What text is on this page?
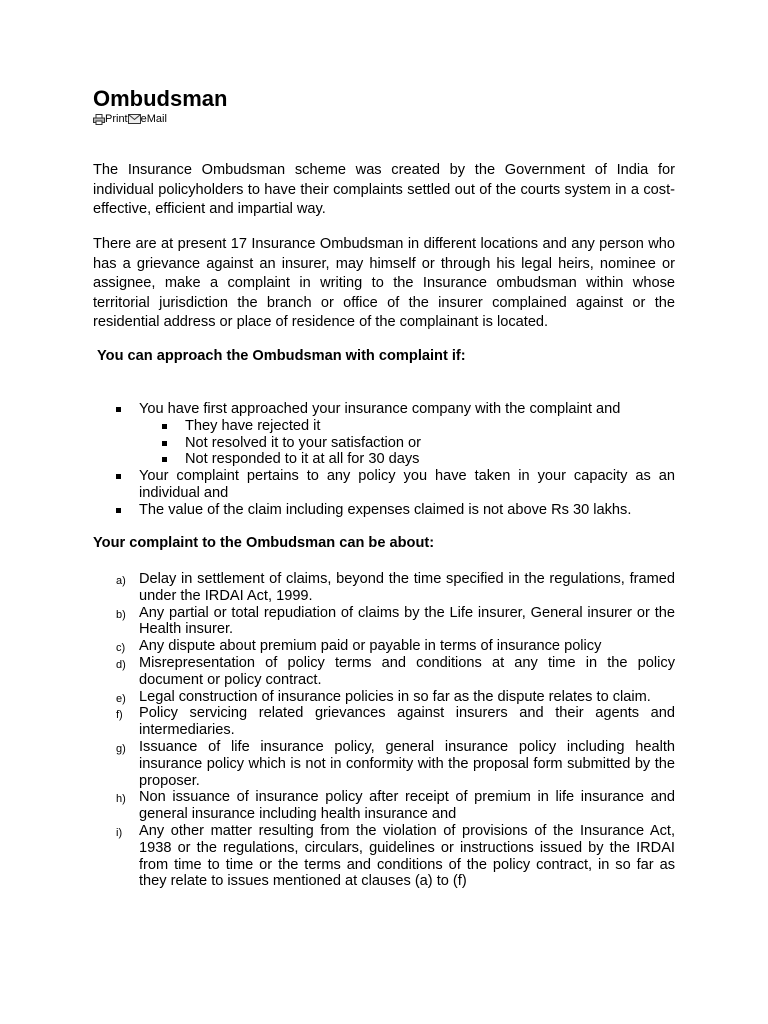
Ombudsman
Print eMail

The Insurance Ombudsman scheme was created by the Government of India for individual policyholders to have their complaints settled out of the courts system in a cost-effective, efficient and impartial way.

There are at present 17 Insurance Ombudsman in different locations and any person who has a grievance against an insurer, may himself or through his legal heirs, nominee or assignee, make a complaint in writing to the Insurance ombudsman within whose territorial jurisdiction the branch or office of the insurer complained against or the residential address or place of residence of the complainant is located.

You can approach the Ombudsman with complaint if:

You have first approached your insurance company with the complaint and
They have rejected it
Not resolved it to your satisfaction or
Not responded to it at all for 30 days
Your complaint pertains to any policy you have taken in your capacity as an individual and
The value of the claim including expenses claimed is not above Rs 30 lakhs.

Your complaint to the Ombudsman can be about:

a) Delay in settlement of claims, beyond the time specified in the regulations, framed under the IRDAI Act, 1999.
b) Any partial or total repudiation of claims by the Life insurer, General insurer or the Health insurer.
c) Any dispute about premium paid or payable in terms of insurance policy
d) Misrepresentation of policy terms and conditions at any time in the policy document or policy contract.
e) Legal construction of insurance policies in so far as the dispute relates to claim.
f) Policy servicing related grievances against insurers and their agents and intermediaries.
g) Issuance of life insurance policy, general insurance policy including health insurance policy which is not in conformity with the proposal form submitted by the proposer.
h) Non issuance of insurance policy after receipt of premium in life insurance and general insurance including health insurance and
i) Any other matter resulting from the violation of provisions of the Insurance Act, 1938 or the regulations, circulars, guidelines or instructions issued by the IRDAI from time to time or the terms and conditions of the policy contract, in so far as they relate to issues mentioned at clauses (a) to (f)
